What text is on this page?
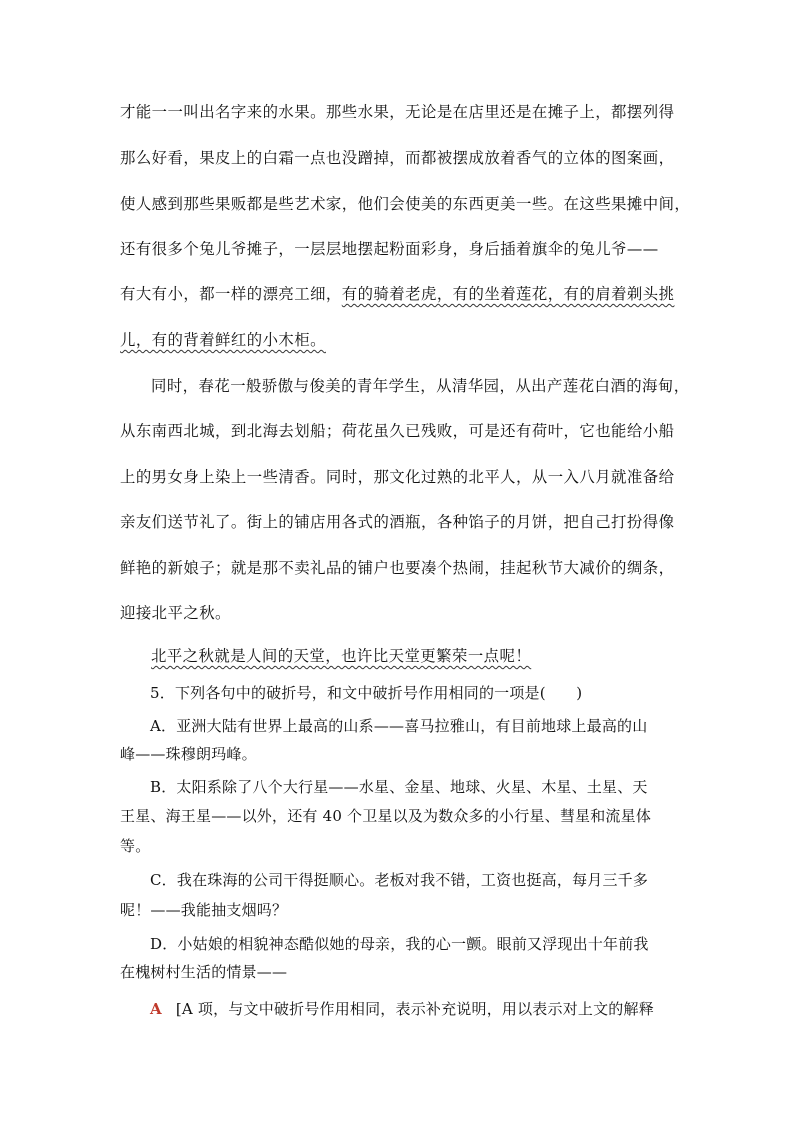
才能一一叫出名字来的水果。那些水果，无论是在店里还是在摊子上，都摆列得
那么好看，果皮上的白霜一点也没蹭掉，而都被摆成放着香气的立体的图案画，
使人感到那些果贩都是些艺术家，他们会使美的东西更美一些。在这些果摊中间，
还有很多个兔儿爷摊子，一层层地摆起粉面彩身，身后插着旗伞的兔儿爷——
有大有小，都一样的漂亮工细，有的骑着老虎，有的坐着莲花，有的肩着剃头挑
儿，有的背着鲜红的小木柜。
同时，春花一般骄傲与俊美的青年学生，从清华园，从出产莲花白酒的海甸，
从东南西北城，到北海去划船；荷花虽久已残败，可是还有荷叶，它也能给小船
上的男女身上染上一些清香。同时，那文化过熟的北平人，从一入八月就准备给
亲友们送节礼了。街上的铺店用各式的酒瓶，各种馅子的月饼，把自己打扮得像
鲜艳的新娘子；就是那不卖礼品的铺户也要凑个热闹，挂起秋节大减价的绸条，
迎接北平之秋。
北平之秋就是人间的天堂，也许比天堂更繁荣一点呢！
5．下列各句中的破折号，和文中破折号作用相同的一项是(　　)
A．亚洲大陆有世界上最高的山系——喜马拉雅山，有目前地球上最高的山
峰——珠穆朗玛峰。
B．太阳系除了八个大行星——水星、金星、地球、火星、木星、土星、天
王星、海王星——以外，还有 40 个卫星以及为数众多的小行星、彗星和流星体
等。
C．我在珠海的公司干得挺顺心。老板对我不错，工资也挺高，每月三千多
呢！——我能抽支烟吗？
D．小姑娘的相貌神态酷似她的母亲，我的心一颤。眼前又浮现出十年前我
在槐树村生活的情景——
A [A 项，与文中破折号作用相同，表示补充说明，用以表示对上文的解释
